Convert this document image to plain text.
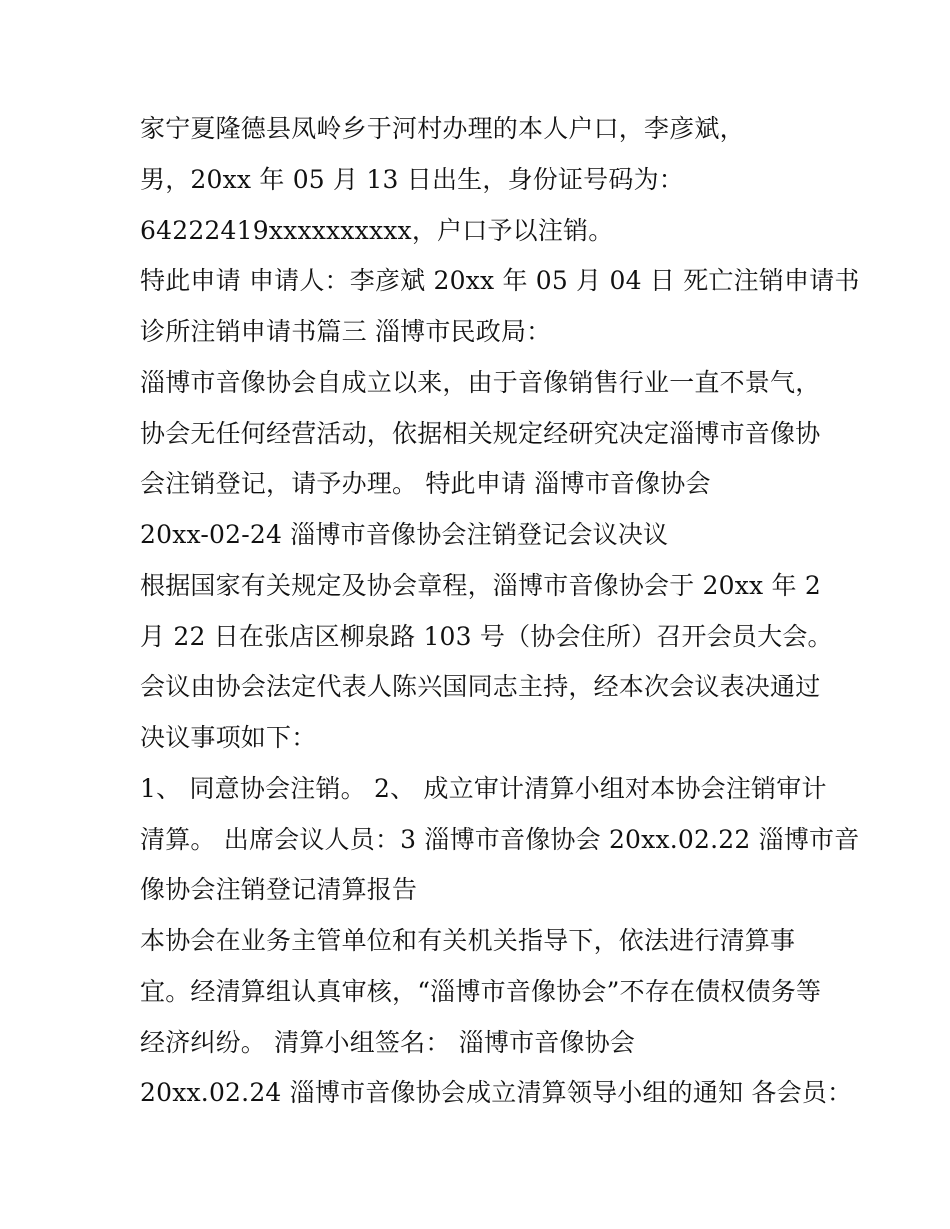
家宁夏隆德县凤岭乡于河村办理的本人户口，李彦斌，
男，20xx 年 05 月 13 日出生，身份证号码为：
64222419xxxxxxxxxx，户口予以注销。
特此申请 申请人：李彦斌 20xx 年 05 月 04 日 死亡注销申请书
诊所注销申请书篇三 淄博市民政局：
淄博市音像协会自成立以来，由于音像销售行业一直不景气，
协会无任何经营活动，依据相关规定经研究决定淄博市音像协
会注销登记，请予办理。 特此申请 淄博市音像协会
20xx-02-24 淄博市音像协会注销登记会议决议
根据国家有关规定及协会章程，淄博市音像协会于 20xx 年 2
月 22 日在张店区柳泉路 103 号（协会住所）召开会员大会。
会议由协会法定代表人陈兴国同志主持，经本次会议表决通过
决议事项如下：
1、 同意协会注销。 2、 成立审计清算小组对本协会注销审计
清算。 出席会议人员：3 淄博市音像协会 20xx.02.22 淄博市音
像协会注销登记清算报告
本协会在业务主管单位和有关机关指导下，依法进行清算事
宜。经清算组认真审核，“淄博市音像协会”不存在债权债务等
经济纠纷。 清算小组签名： 淄博市音像协会
20xx.02.24 淄博市音像协会成立清算领导小组的通知 各会员：
